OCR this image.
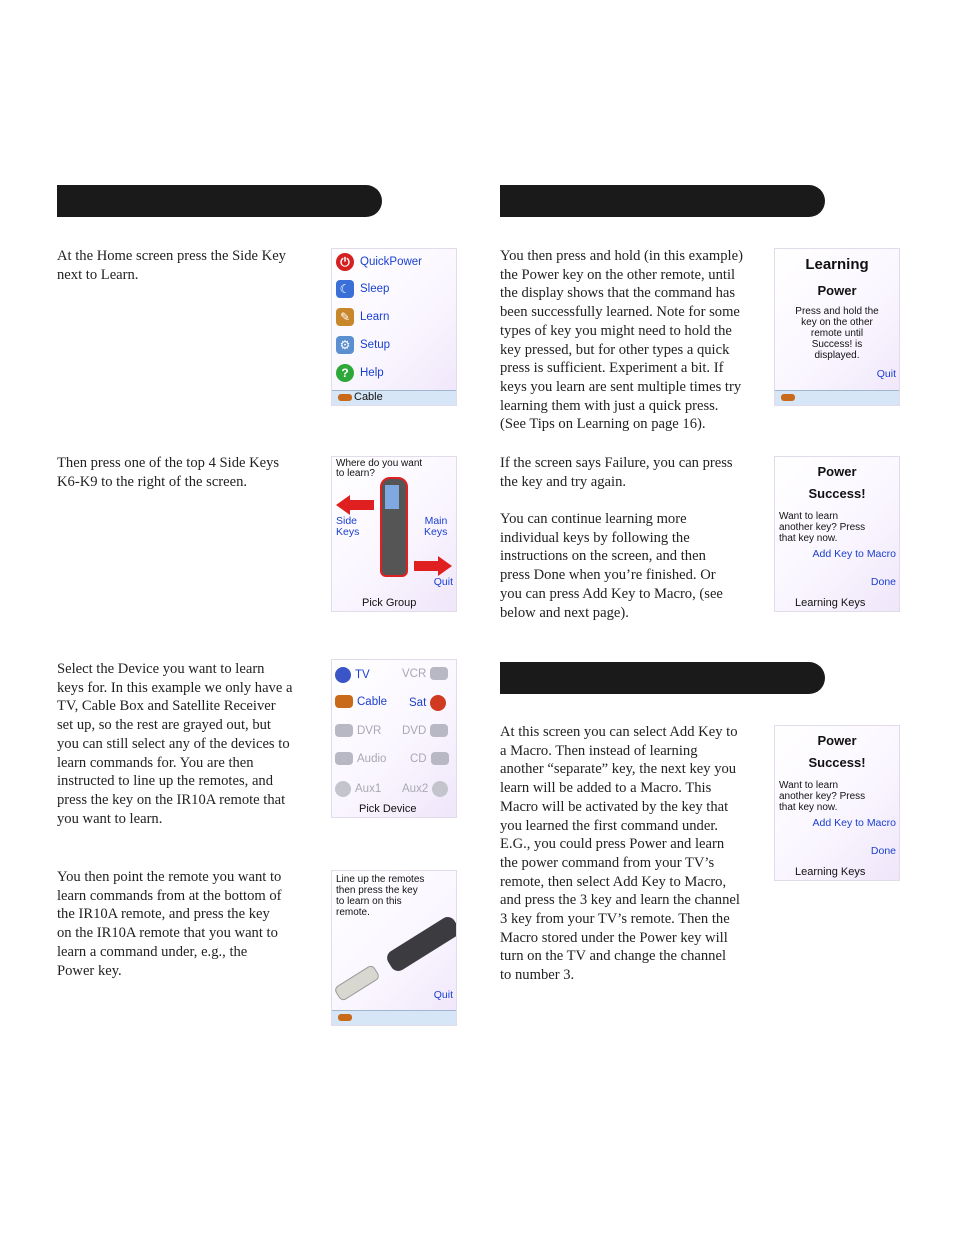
At the Home screen press the Side Key
next to Learn.

Then press one of the top 4 Side Keys
K6-K9 to the right of the screen.

Select the Device you want to learn
keys for. In this example we only have a
TV, Cable Box and Satellite Receiver
set up, so the rest are grayed out, but
you can still select any of the devices to
learn commands for. You are then
instructed to line up the remotes, and
press the key on the IR10A remote that
you want to learn.

You then point the remote you want to
learn commands from at the bottom of
the IR10A remote, and press the key
on the IR10A remote that you want to
learn a command under, e.g., the
Power key.

You then press and hold (in this example)
the Power key on the other remote, until
the display shows that the command has
been successfully learned. Note for some
types of key you might need to hold the
key pressed, but for other types a quick
press is sufficient. Experiment a bit. If
keys you learn are sent multiple times try
learning them with just a quick press.
(See Tips on Learning on page 16).

If the screen says Failure, you can press
the key and try again.

You can continue learning more
individual keys by following the
instructions on the screen, and then
press Done when you’re finished. Or
you can press Add Key to Macro, (see
below and next page).

At this screen you can select Add Key to
a Macro. Then instead of learning
another “separate” key, the next key you
learn will be added to a Macro. This
Macro will be activated by the key that
you learned the first command under.
E.G., you could press Power and learn
the power command from your TV’s
remote, then select Add Key to Macro,
and press the 3 key and learn the channel
3 key from your TV’s remote. Then the
Macro stored under the Power key will
turn on the TV and change the channel
to number 3.

⏻ QuickPower
☾ Sleep
✎ Learn
⚙ Setup
? Help
Cable
Where do you want
to learn?
Side
Keys
Main
Keys
Quit
Pick Group
TV	VCR
Cable Sat
DVR DVD
Audio CD
Aux1 Aux2
Pick Device
Line up the remotes
then press the key
to learn on this
remote.
Quit
Learning
Power
Press and hold the
key on the other
remote until
Success! is
displayed.
Quit
Power
Success!
Want to learn
another key? Press
that key now.
Add Key to Macro
Done
Learning Keys
Power
Success!
Want to learn
another key? Press
that key now.
Add Key to Macro
Done
Learning Keys
